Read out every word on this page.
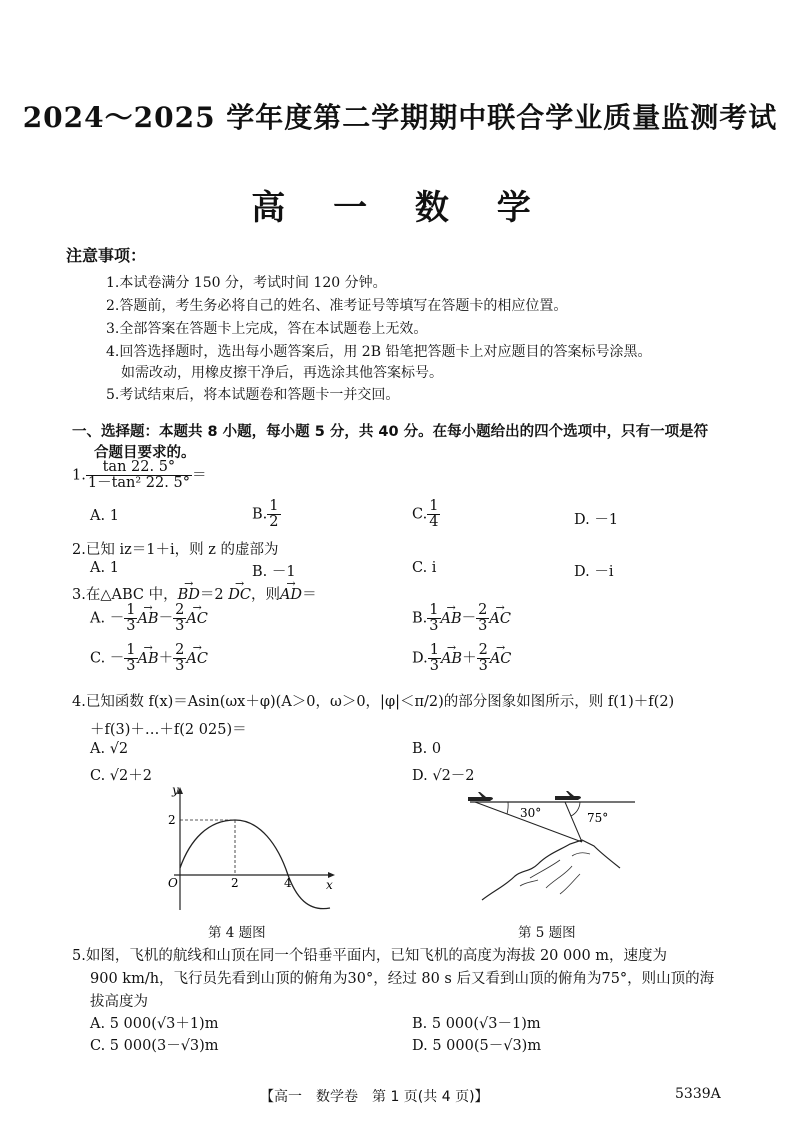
2024～2025 学年度第二学期期中联合学业质量监测考试
高 一 数 学
注意事项：
1.本试卷满分 150 分，考试时间 120 分钟。
2.答题前，考生务必将自己的姓名、准考证号等填写在答题卡的相应位置。
3.全部答案在答题卡上完成，答在本试题卷上无效。
4.回答选择题时，选出每小题答案后，用 2B 铅笔把答题卡上对应题目的答案标号涂黑。
如需改动，用橡皮擦干净后，再选涂其他答案标号。
5.考试结束后，将本试题卷和答题卡一并交回。
一、选择题：本题共 8 小题，每小题 5 分，共 40 分。在每小题给出的四个选项中，只有一项是符
合题目要求的。
1. $\frac{\tan 22. 5^\circ}{\text{1－tan² 22. 5°}}$ ＝
A. 1	B. $\frac{1}{2}$	C. $\frac{1}{4}$	D. －1
2.已知 iz＝1＋i，则 z 的虚部为
A. 1	B. －1	C. i	D. －i
3.在△ABC 中，→ BD＝2 → DC，则→ AD＝
A. － $\frac{1}{3} \to AB- \frac{2}{3}$ → AC	B. $\frac{1}{3} \to AB- \frac{2}{3}$ → AC
C. － $\frac{1}{3} \to AB+ \frac{2}{3}$ → AC	D. $\frac{1}{3} \to AB+ \frac{2}{3}$ → AC
4.已知函数 f(x)＝Asin(ωx＋φ)(A＞0，ω＞0，|φ|＜π/2)的部分图象如图所示，则 f(1)＋f(2)
＋f(3)＋…＋f(2 025)＝
A. √2	B. 0
C. √2＋2	D. √2－2
y
x
O	2	4
2
第 4 题图
30°	75°
第 5 题图
5.如图，飞机的航线和山顶在同一个铅垂平面内，已知飞机的高度为海拔 20 000 m，速度为
900 km/h，飞行员先看到山顶的俯角为30°，经过 80 s 后又看到山顶的俯角为75°，则山顶的海
拔高度为
A. 5 000(√3＋1)m	B. 5 000(√3－1)m
C. 5 000(3－√3)m	D. 5 000(5－√3)m
【高一　数学卷　第 1 页(共 4 页)】	5339A
